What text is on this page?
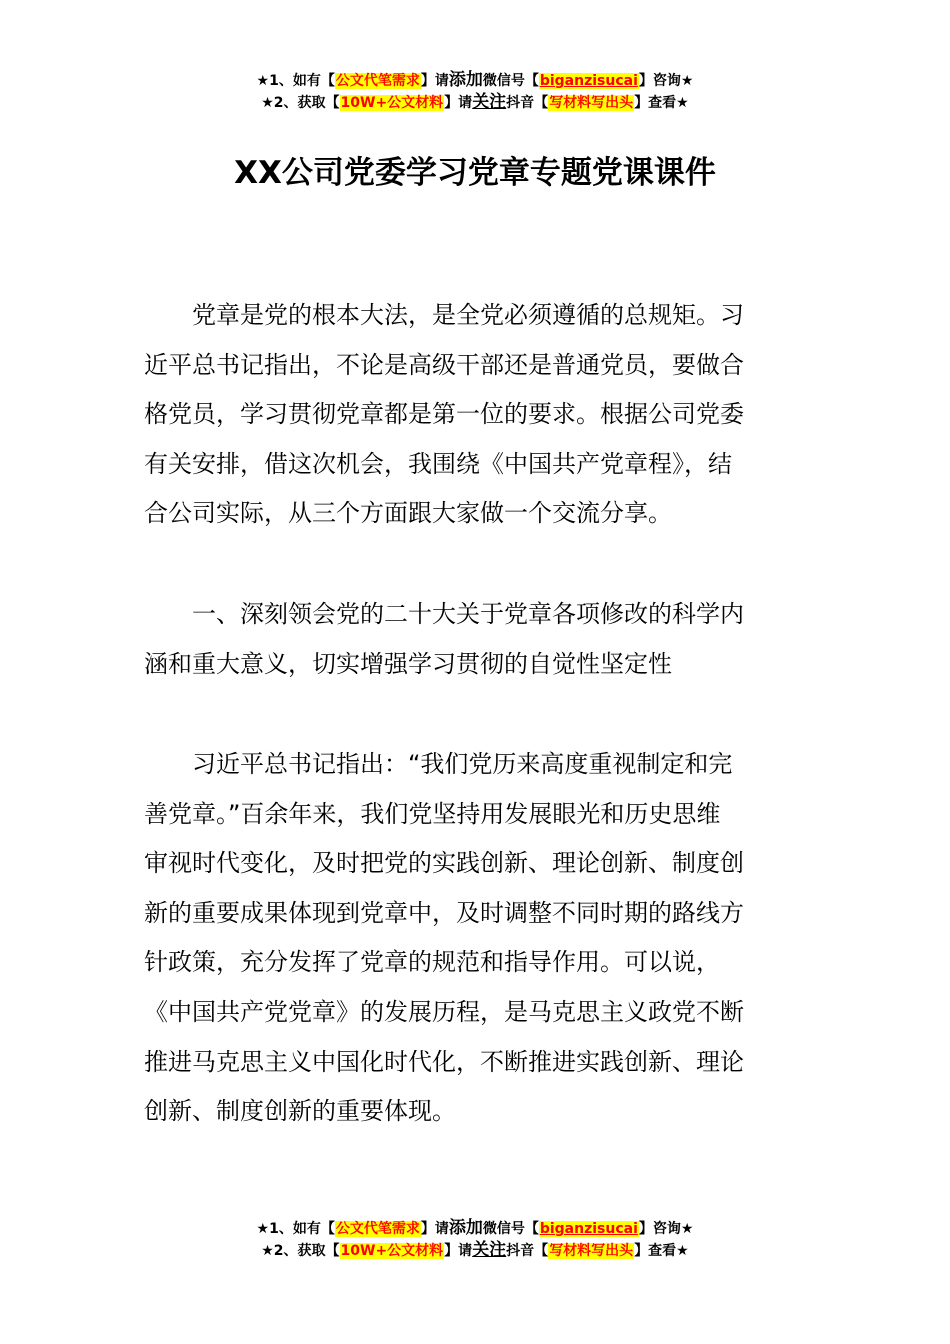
★1、如有【公文代笔需求】请添加微信号【biganzisucai】咨询★
★2、获取【10W+公文材料】请关注抖音【写材料写出头】查看★
XX公司党委学习党章专题党课课件

　　党章是党的根本大法，是全党必须遵循的总规矩。习
近平总书记指出，不论是高级干部还是普通党员，要做合
格党员，学习贯彻党章都是第一位的要求。根据公司党委
有关安排，借这次机会，我围绕《中国共产党章程》，结
合公司实际，从三个方面跟大家做一个交流分享。

　　一、深刻领会党的二十大关于党章各项修改的科学内
涵和重大意义，切实增强学习贯彻的自觉性坚定性

　　习近平总书记指出：“我们党历来高度重视制定和完
善党章。”百余年来，我们党坚持用发展眼光和历史思维
审视时代变化，及时把党的实践创新、理论创新、制度创
新的重要成果体现到党章中，及时调整不同时期的路线方
针政策，充分发挥了党章的规范和指导作用。可以说，
《中国共产党党章》的发展历程，是马克思主义政党不断
推进马克思主义中国化时代化，不断推进实践创新、理论
创新、制度创新的重要体现。

★1、如有【公文代笔需求】请添加微信号【biganzisucai】咨询★
★2、获取【10W+公文材料】请关注抖音【写材料写出头】查看★
